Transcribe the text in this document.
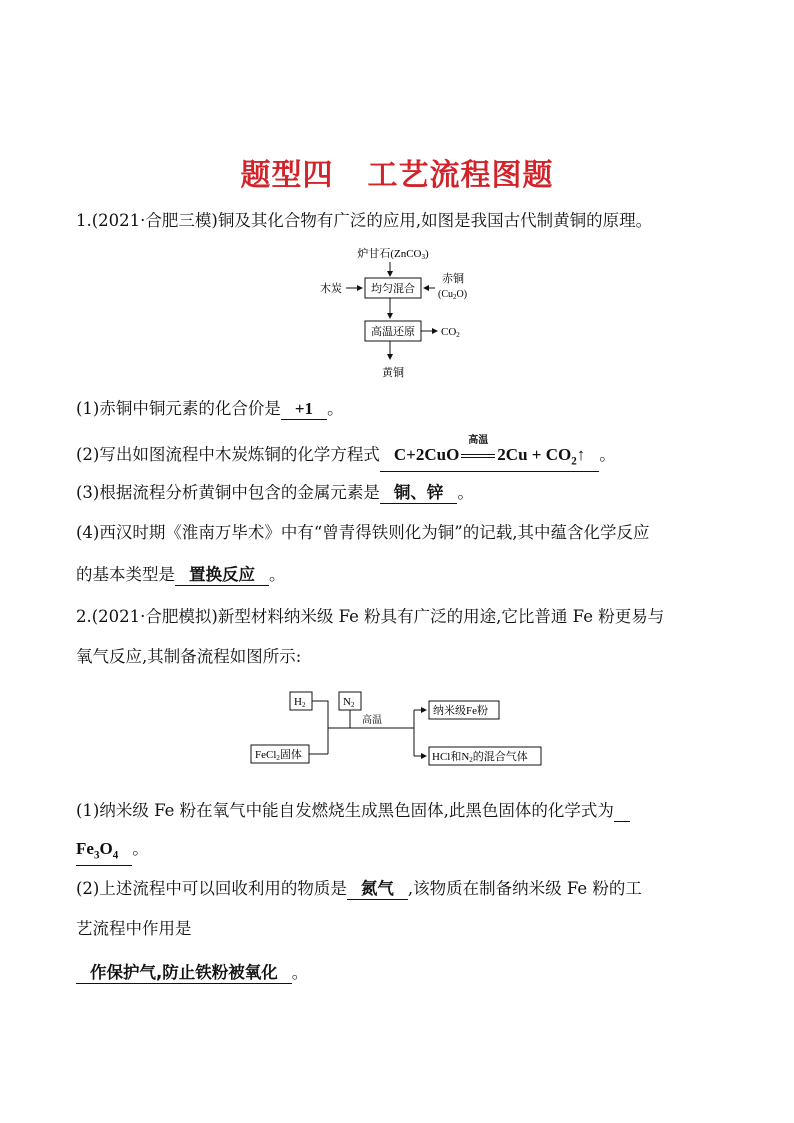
题型四 工艺流程图题
1.(2021·合肥三模)铜及其化合物有广泛的应用,如图是我国古代制黄铜的原理。
炉甘石(ZnCO3)
木炭	均匀混合
赤铜
$(Cu_2O)$
高温还原 CO2
黄铜
(1)赤铜中铜元素的化合价是 +1 。
(2)写出如图流程中木炭炼铜的化学方程式 C+2CuO
高温
$2Cu + CO_2↑$ 。
(3)根据流程分析黄铜中包含的金属元素是 铜、锌 。
(4)西汉时期《淮南万毕术》中有“曾青得铁则化为铜”的记载,其中蕴含化学反应
的基本类型是 置换反应 。
2.(2021·合肥模拟)新型材料纳米级 Fe 粉具有广泛的用途,它比普通 Fe 粉更易与
氧气反应,其制备流程如图所示:
H2	N2
FeCl2固体
高温
纳米级Fe粉
HCl和N2的混合气体
(1)纳米级 Fe 粉在氧气中能自发燃烧生成黑色固体,此黑色固体的化学式为
$Fe_3O_4$ 。
(2)上述流程中可以回收利用的物质是 氮气 ,该物质在制备纳米级 Fe 粉的工
艺流程中作用是
作保护气,防止铁粉被氧化 。
